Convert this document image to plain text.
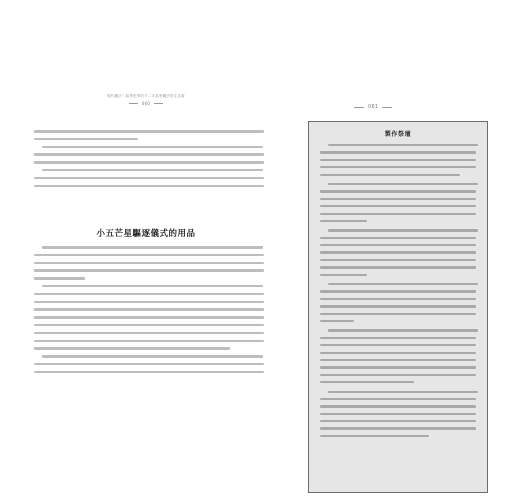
現代魔法｜結界世界的下二手品等魔法的生活書
060
小五芒星驅逐儀式的用品
061
製作祭壇
